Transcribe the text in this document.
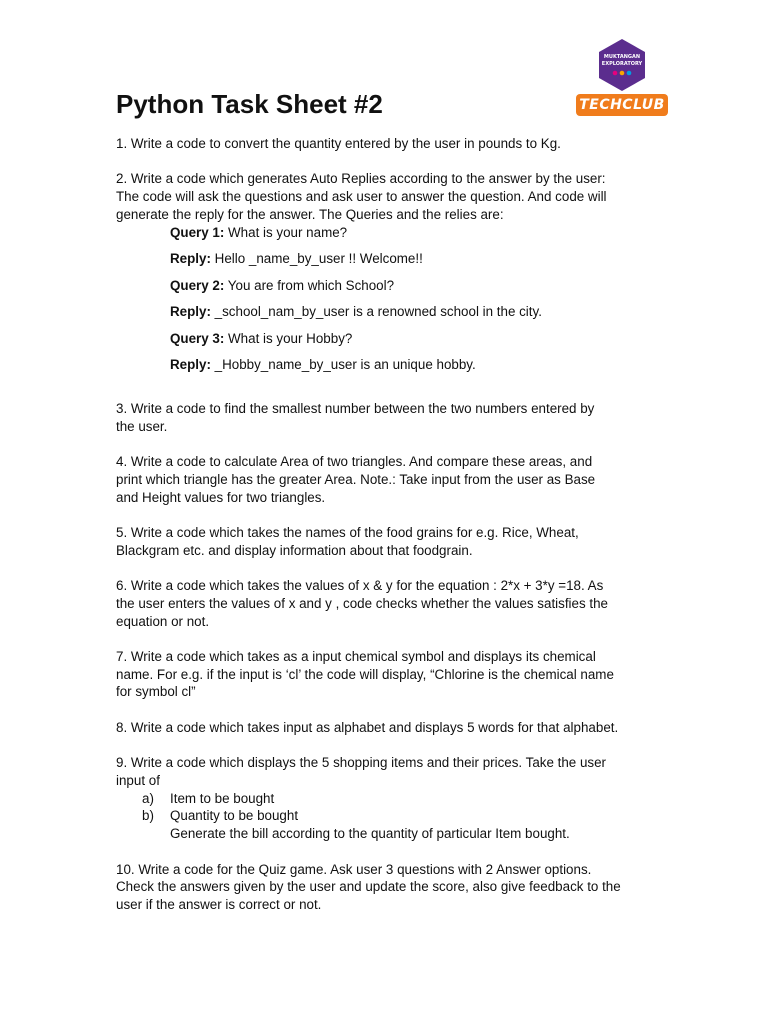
MUKTANGAN
EXPLORATORY
TECHCLUB
Python Task Sheet #2

1. Write a code to convert the quantity entered by the user in pounds to Kg.

2. Write a code which generates Auto Replies according to the answer by the user:

The code will ask the questions and ask user to answer the question. And code will

generate the reply for the answer. The Queries and the relies are:

Query 1: What is your name?
Reply: Hello _name_by_user !! Welcome!!
Query 2: You are from which School?
Reply: _school_nam_by_user is a renowned school in the city.
Query 3: What is your Hobby?
Reply: _Hobby_name_by_user is an unique hobby.

3. Write a code to find the smallest number between the two numbers entered by

the user.

4. Write a code to calculate Area of two triangles. And compare these areas, and

print which triangle has the greater Area. Note.: Take input from the user as Base

and Height values for two triangles.

5. Write a code which takes the names of the food grains for e.g. Rice, Wheat,

Blackgram etc. and display information about that foodgrain.

6. Write a code which takes the values of x & y for the equation : 2*x + 3*y =18. As

the user enters the values of x and y , code checks whether the values satisfies the

equation or not.

7. Write a code which takes as a input chemical symbol and displays its chemical

name. For e.g. if the input is ‘cl’ the code will display, “Chlorine is the chemical name

for symbol cl”

8. Write a code which takes input as alphabet and displays 5 words for that alphabet.

9. Write a code which displays the 5 shopping items and their prices. Take the user

input of

a) Item to be bought
b) Quantity to be bought

Generate the bill according to the quantity of particular Item bought.

10. Write a code for the Quiz game. Ask user 3 questions with 2 Answer options.

Check the answers given by the user and update the score, also give feedback to the

user if the answer is correct or not.
